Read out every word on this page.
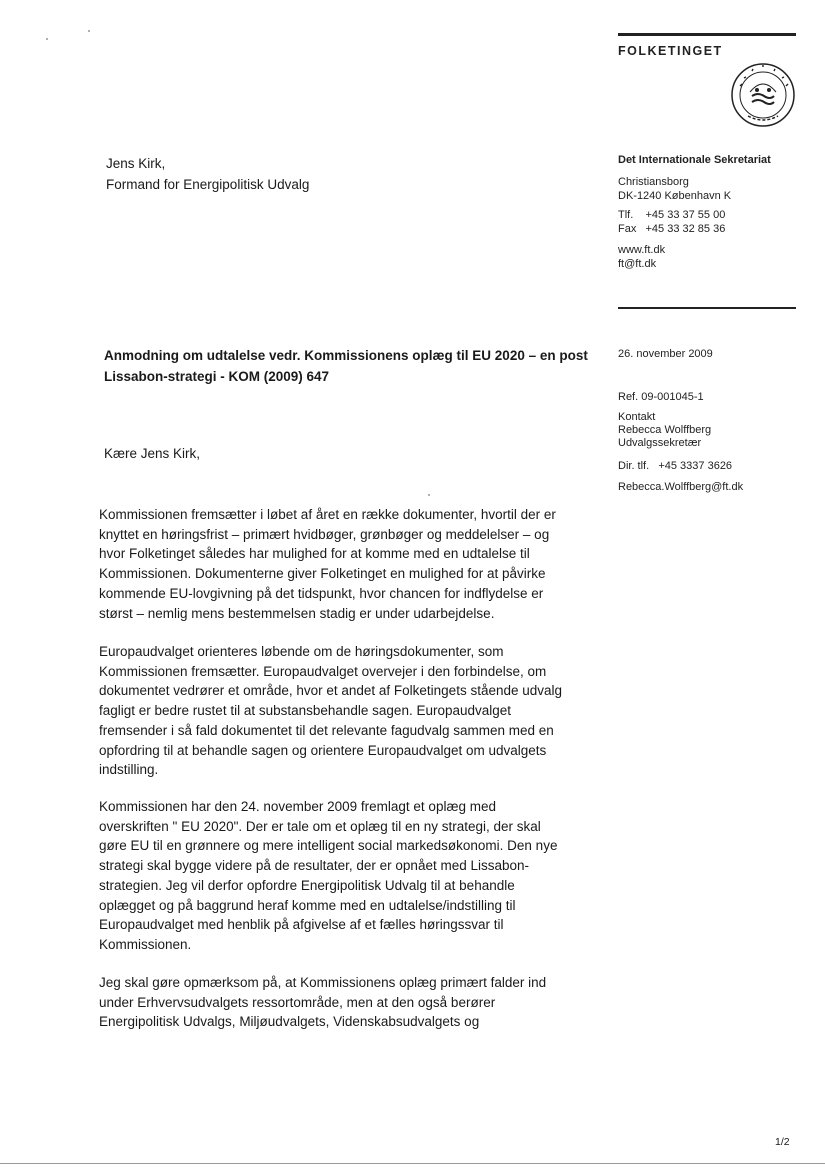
FOLKETINGET
Jens Kirk,
Formand for Energipolitisk Udvalg
Det Internationale Sekretariat
Christiansborg
DK-1240 København K
Tlf.    +45 33 37 55 00
Fax   +45 33 32 85 36
www.ft.dk
ft@ft.dk
26. november 2009
Ref. 09-001045-1
Kontakt
Rebecca Wolffberg
Udvalgssekretær
Dir. tlf.   +45 3337 3626
Rebecca.Wolffberg@ft.dk
Anmodning om udtalelse vedr. Kommissionens oplæg til EU 2020 – en post
Lissabon-strategi - KOM (2009) 647
Kære Jens Kirk,
Kommissionen fremsætter i løbet af året en række dokumenter, hvortil der er
knyttet en høringsfrist – primært hvidbøger, grønbøger og meddelelser – og
hvor Folketinget således har mulighed for at komme med en udtalelse til
Kommissionen. Dokumenterne giver Folketinget en mulighed for at påvirke
kommende EU-lovgivning på det tidspunkt, hvor chancen for indflydelse er
størst – nemlig mens bestemmelsen stadig er under udarbejdelse.
Europaudvalget orienteres løbende om de høringsdokumenter, som
Kommissionen fremsætter. Europaudvalget overvejer i den forbindelse, om
dokumentet vedrører et område, hvor et andet af Folketingets stående udvalg
fagligt er bedre rustet til at substansbehandle sagen. Europaudvalget
fremsender i så fald dokumentet til det relevante fagudvalg sammen med en
opfordring til at behandle sagen og orientere Europaudvalget om udvalgets
indstilling.
Kommissionen har den 24. november 2009 fremlagt et oplæg med
overskriften " EU 2020". Der er tale om et oplæg til en ny strategi, der skal
gøre EU til en grønnere og mere intelligent social markedsøkonomi. Den nye
strategi skal bygge videre på de resultater, der er opnået med Lissabon-
strategien. Jeg vil derfor opfordre Energipolitisk Udvalg til at behandle
oplægget og på baggrund heraf komme med en udtalelse/indstilling til
Europaudvalget med henblik på afgivelse af et fælles høringssvar til
Kommissionen.
Jeg skal gøre opmærksom på, at Kommissionens oplæg primært falder ind
under Erhvervsudvalgets ressortområde, men at den også berører
Energipolitisk Udvalgs, Miljøudvalgets, Videnskabsudvalgets og
1/2
